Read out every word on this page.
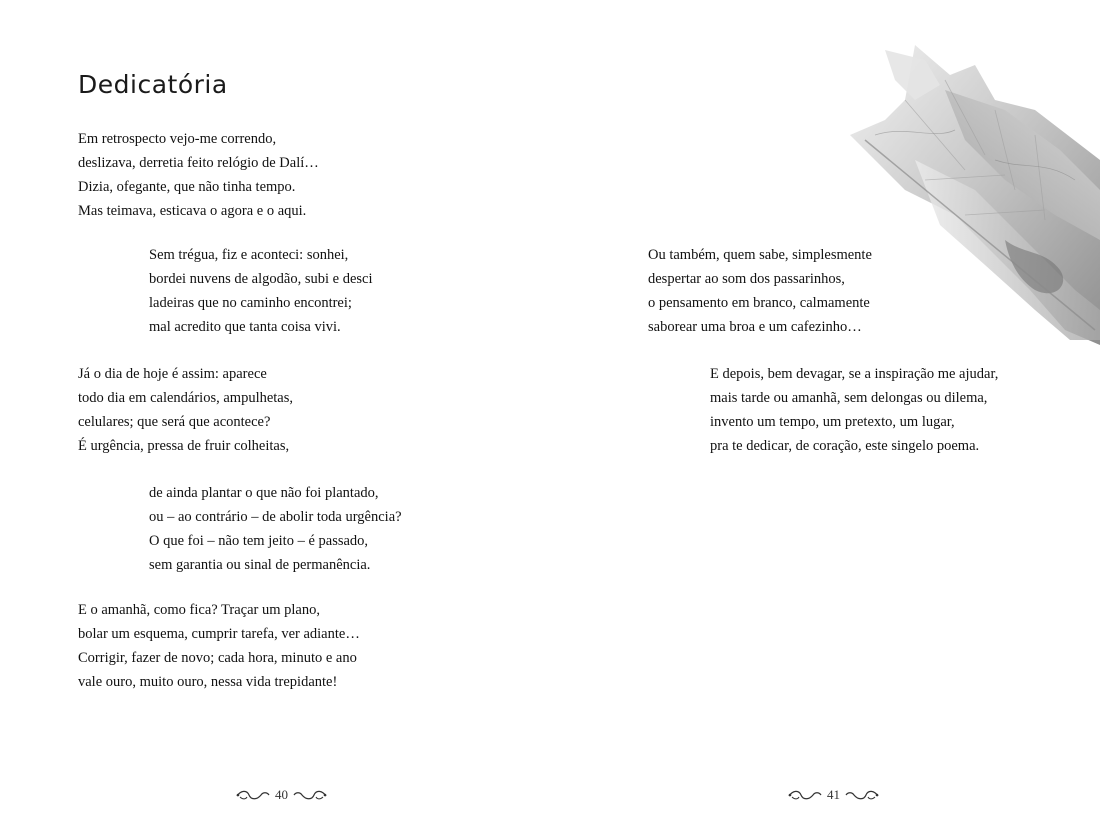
Dedicatória
Em retrospecto vejo-me correndo,
deslizava, derretia feito relógio de Dalí…
Dizia, ofegante, que não tinha tempo.
Mas teimava, esticava o agora e o aqui.
Sem trégua, fiz e aconteci: sonhei,
bordei nuvens de algodão, subi e desci
ladeiras que no caminho encontrei;
mal acredito que tanta coisa vivi.
Já o dia de hoje é assim: aparece
todo dia em calendários, ampulhetas,
celulares; que será que acontece?
É urgência, pressa de fruir colheitas,
de ainda plantar o que não foi plantado,
ou – ao contrário – de abolir toda urgência?
O que foi – não tem jeito – é passado,
sem garantia ou sinal de permanência.
E o amanhã, como fica? Traçar um plano,
bolar um esquema, cumprir tarefa, ver adiante…
Corrigir, fazer de novo; cada hora, minuto e ano
vale ouro, muito ouro, nessa vida trepidante!
40
Ou também, quem sabe, simplesmente
despertar ao som dos passarinhos,
o pensamento em branco, calmamente
saborear uma broa e um cafezinho…
E depois, bem devagar, se a inspiração me ajudar,
mais tarde ou amanhã, sem delongas ou dilema,
invento um tempo, um pretexto, um lugar,
pra te dedicar, de coração, este singelo poema.
41
